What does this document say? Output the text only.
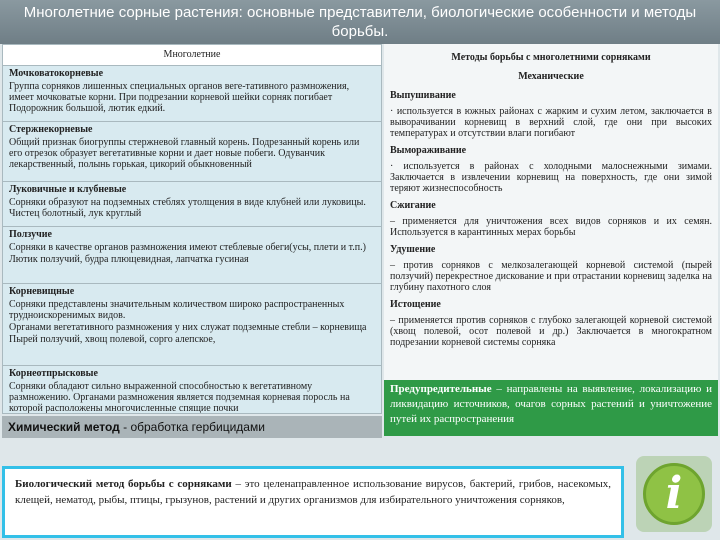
Многолетние сорные растения: основные представители, биологические особенности и методы борьбы.
Многолетние
Мочковатокорневые

Группа сорняков лишенных специальных органов веге-тативного размножения, имеет мочковатые корни. При подрезании корневой шейки сорняк погибает Подорожник большой, лютик едкий.

Стержнекорневые

Общий признак биогруппы стержневой главный корень. Подрезанный корень или его отрезок образует вегетативные корни и дает новые побеги. Одуванчик лекарственный, полынь горькая, цикорий обыкновенный

Луковичные и клубневые

Сорняки образуют на подземных стеблях утолщения в виде клубней или луковицы. Чистец болотный, лук круглый

Ползучие

Сорняки в качестве органов размножения имеют стеблевые обеги(усы, плети и т.п.)

Лютик ползучий, будра плющевидная, лапчатка гусиная

Корневищные

Сорняки представлены значительным количеством широко распространенных трудноискоренимых видов.

Органами вегетативного размножения у них служат подземные стебли – корневища

Пырей ползучий, хвощ полевой, сорго алепское,

Корнеотпрысковые

Сорняки обладают сильно выраженной способностью к вегетативному размножению. Органами размножения является подземная корневая поросль на которой расположены многочисленные спящие почки

Методы борьбы с многолетними сорняками
Механические
Выпушивание

· используется в южных районах с жарким и сухим летом, заключается в выворачивании корневищ в верхний слой, где они при высоких температурах и отсутствии влаги погибают

Вымораживание

· используется в районах с холодными малоснежными зимами. Заключается в извлечении корневищ на поверхность, где они зимой теряют жизнеспособность

Сжигание

– применяется для уничтожения всех видов сорняков и их семян. Используется в карантинных мерах борьбы

Удушение

– против сорняков с мелкозалегающей корневой системой (пырей ползучий) перекрестное дискование и при отрастании корневищ заделка на глубину пахотного слоя

Истощение

– применяется против сорняков с глубоко залегающей корневой системой (хвощ полевой, осот полевой и др.) Заключается в многократном подрезании корневой системы сорняка

Предупредительные – направлены на выявление, локализацию и ликвидацию источников, очагов сорных растений и уничтожение путей их распространения
Химический метод - обработка гербицидами
Биологический метод борьбы с сорняками – это целенаправленное использование вирусов, бактерий, грибов, насекомых, клещей, нематод, рыбы, птицы, грызунов, растений и других организмов для избирательного уничтожения сорняков,	i
